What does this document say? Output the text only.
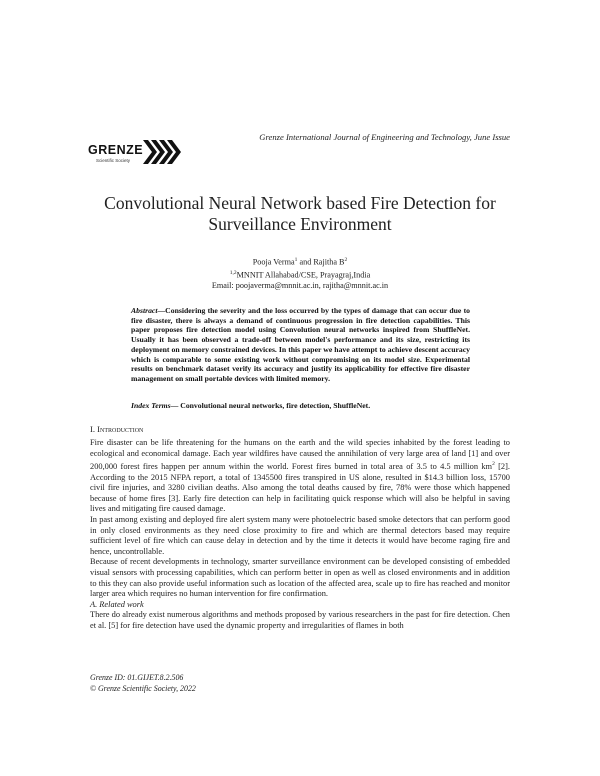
GRENZE
Scientific Society
Grenze International Journal of Engineering and Technology, June Issue
Convolutional Neural Network based Fire Detection for Surveillance Environment
Pooja Verma$^1$ and Rajitha $B^2$
$^{1,2}$MNNIT Allahabad/CSE, Prayagraj,India
Email: poojaverma@mnnit.ac.in, rajitha@mnnit.ac.in
Abstract—Considering the severity and the loss occurred by the types of damage that can occur due to fire disaster, there is always a demand of continuous progression in fire detection capabilities. This paper proposes fire detection model using Convolution neural networks inspired from ShuffleNet. Usually it has been observed a trade-off between model's performance and its size, restricting its deployment on memory constrained devices. In this paper we have attempt to achieve descent accuracy which is comparable to some existing work without compromising on its model size. Experimental results on benchmark dataset verify its accuracy and justify its applicability for effective fire disaster management on small portable devices with limited memory.
Index Terms— Convolutional neural networks, fire detection, ShuffleNet.
I. Introduction

Fire disaster can be life threatening for the humans on the earth and the wild species inhabited by the forest leading to ecological and economical damage. Each year wildfires have caused the annihilation of very large area of land [1] and over 200,000 forest fires happen per annum within the world. Forest fires burned in total area of 3.5 to 4.5 million $km^2$ [2]. According to the 2015 NFPA report, a total of 1345500 fires transpired in US alone, resulted in $14.3 billion loss, 15700 civil fire injuries, and 3280 civilian deaths. Also among the total deaths caused by fire, 78% were those which happened because of home fires [3]. Early fire detection can help in facilitating quick response which will also be helpful in saving lives and mitigating fire caused damage.

In past among existing and deployed fire alert system many were photoelectric based smoke detectors that can perform good in only closed environments as they need close proximity to fire and which are thermal detectors based may require sufficient level of fire which can cause delay in detection and by the time it detects it would have become raging fire and hence, uncontrollable.

Because of recent developments in technology, smarter surveillance environment can be developed consisting of embedded visual sensors with processing capabilities, which can perform better in open as well as closed environments and in addition to this they can also provide useful information such as location of the affected area, scale up to fire has reached and monitor larger area which requires no human intervention for fire confirmation.

A. Related work

There do already exist numerous algorithms and methods proposed by various researchers in the past for fire detection. Chen et al. [5] for fire detection have used the dynamic property and irregularities of flames in both

Grenze ID: 01.GIJET.8.2.506
© Grenze Scientific Society, 2022
